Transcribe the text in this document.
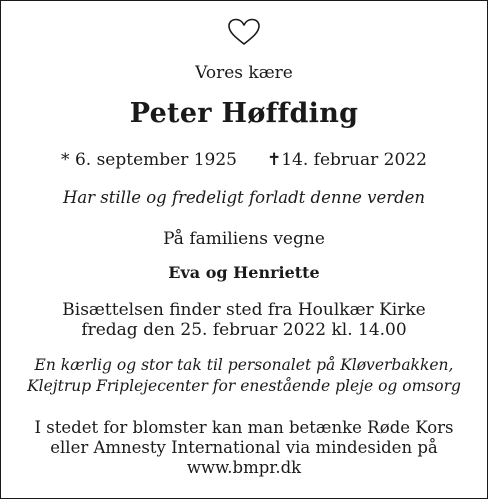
Vores kære
Peter Høffding
* 6. september 1925 ✝14. februar 2022
Har stille og fredeligt forladt denne verden
På familiens vegne
Eva og Henriette
Bisættelsen finder sted fra Houlkær Kirke
fredag den 25. februar 2022 kl. 14.00
En kærlig og stor tak til personalet på Kløverbakken,
Klejtrup Friplejecenter for enestående pleje og omsorg
I stedet for blomster kan man betænke Røde Kors
eller Amnesty International via mindesiden på
www.bmpr.dk
